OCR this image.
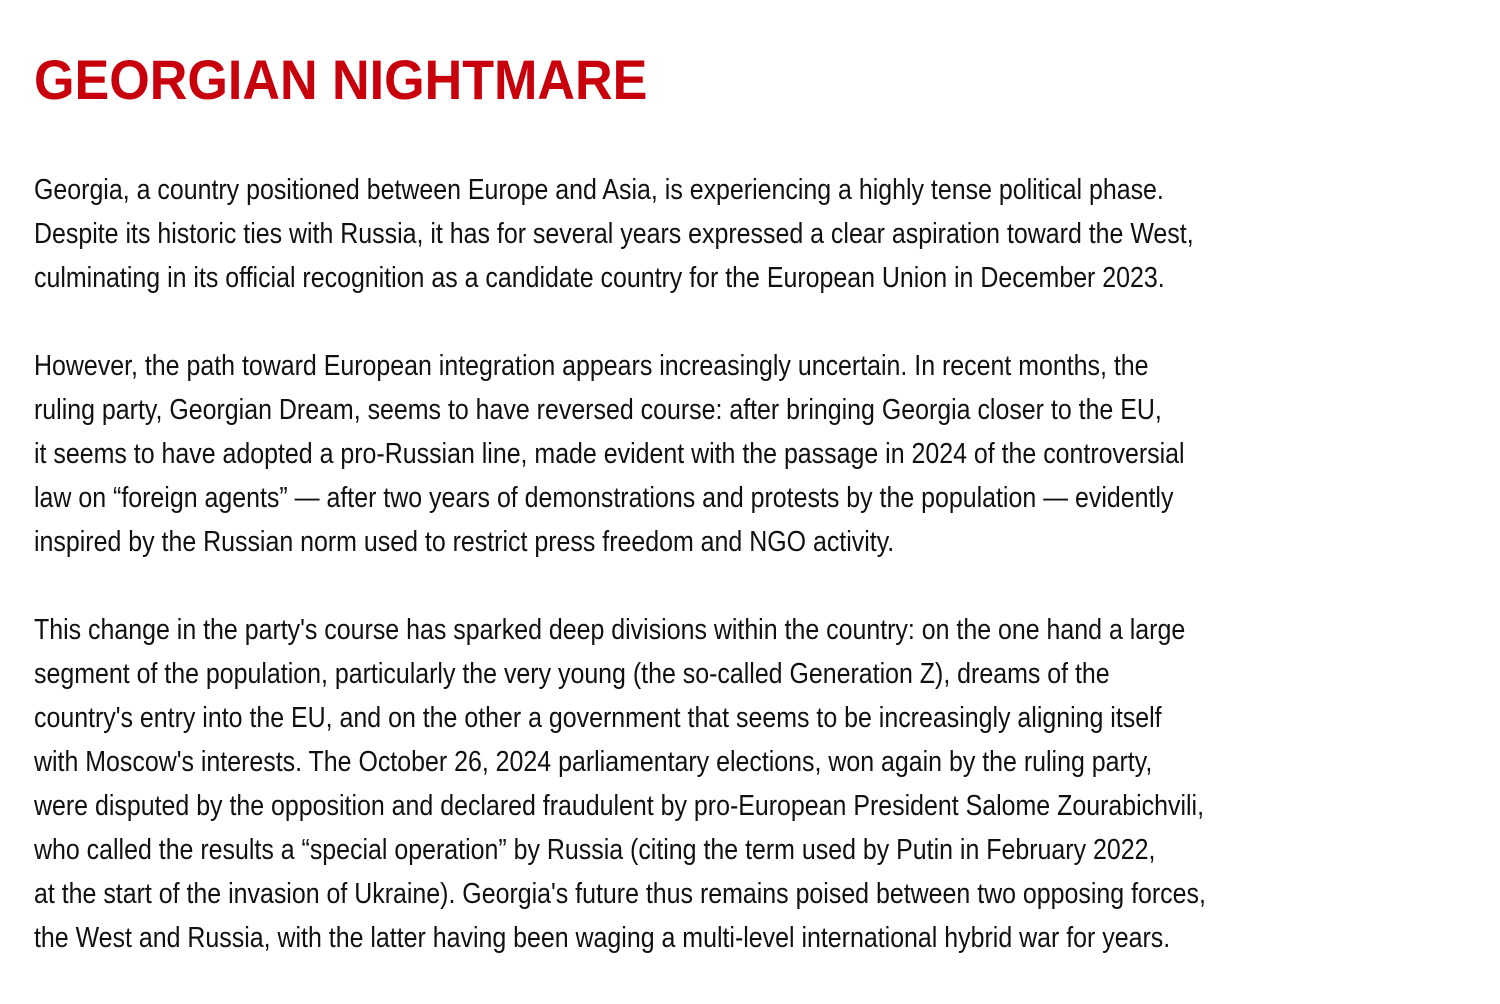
GEORGIAN NIGHTMARE

Georgia, a country positioned between Europe and Asia, is experiencing a highly tense political phase.
Despite its historic ties with Russia, it has for several years expressed a clear aspiration toward the West,
culminating in its official recognition as a candidate country for the European Union in December 2023.

However, the path toward European integration appears increasingly uncertain. In recent months, the
ruling party, Georgian Dream, seems to have reversed course: after bringing Georgia closer to the EU,
it seems to have adopted a pro-Russian line, made evident with the passage in 2024 of the controversial
law on “foreign agents” — after two years of demonstrations and protests by the population — evidently
inspired by the Russian norm used to restrict press freedom and NGO activity.

This change in the party's course has sparked deep divisions within the country: on the one hand a large
segment of the population, particularly the very young (the so-called Generation Z), dreams of the
country's entry into the EU, and on the other a government that seems to be increasingly aligning itself
with Moscow's interests. The October 26, 2024 parliamentary elections, won again by the ruling party,
were disputed by the opposition and declared fraudulent by pro-European President Salome Zourabichvili,
who called the results a “special operation” by Russia (citing the term used by Putin in February 2022,
at the start of the invasion of Ukraine). Georgia's future thus remains poised between two opposing forces,
the West and Russia, with the latter having been waging a multi-level international hybrid war for years.
